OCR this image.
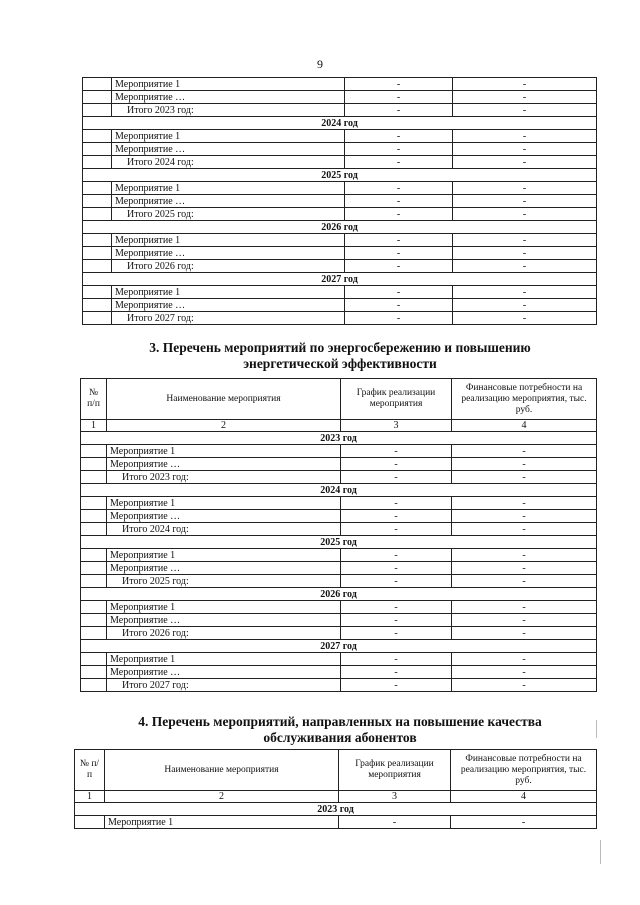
9
	Мероприятие 1	-	-
	Мероприятие …	-	-
	Итого 2023 год:	-	-
2024 год			
	Мероприятие 1	-	-
	Мероприятие …	-	-
	Итого 2024 год:	-	-
2025 год			
	Мероприятие 1	-	-
	Мероприятие …	-	-
	Итого 2025 год:	-	-
2026 год			
	Мероприятие 1	-	-
	Мероприятие …	-	-
	Итого 2026 год:	-	-
2027 год			
	Мероприятие 1	-	-
	Мероприятие …	-	-
	Итого 2027 год:	-	-
3. Перечень мероприятий по энергосбережению и повышению
энергетической эффективности
№ п/п	Наименование мероприятия	График реализации мероприятия	Финансовые потребности на реализацию мероприятия, тыс. руб.
1	2	3	4
2023 год			
	Мероприятие 1	-	-
	Мероприятие …	-	-
	Итого 2023 год:	-	-
2024 год			
	Мероприятие 1	-	-
	Мероприятие …	-	-
	Итого 2024 год:	-	-
2025 год			
	Мероприятие 1	-	-
	Мероприятие …	-	-
	Итого 2025 год:	-	-
2026 год			
	Мероприятие 1	-	-
	Мероприятие …	-	-
	Итого 2026 год:	-	-
2027 год			
	Мероприятие 1	-	-
	Мероприятие …	-	-
	Итого 2027 год:	-	-
4. Перечень мероприятий, направленных на повышение качества
обслуживания абонентов
№ п/п	Наименование мероприятия	График реализации мероприятия	Финансовые потребности на реализацию мероприятия, тыс. руб.
1	2	3	4
2023 год			
	Мероприятие 1	-	-
